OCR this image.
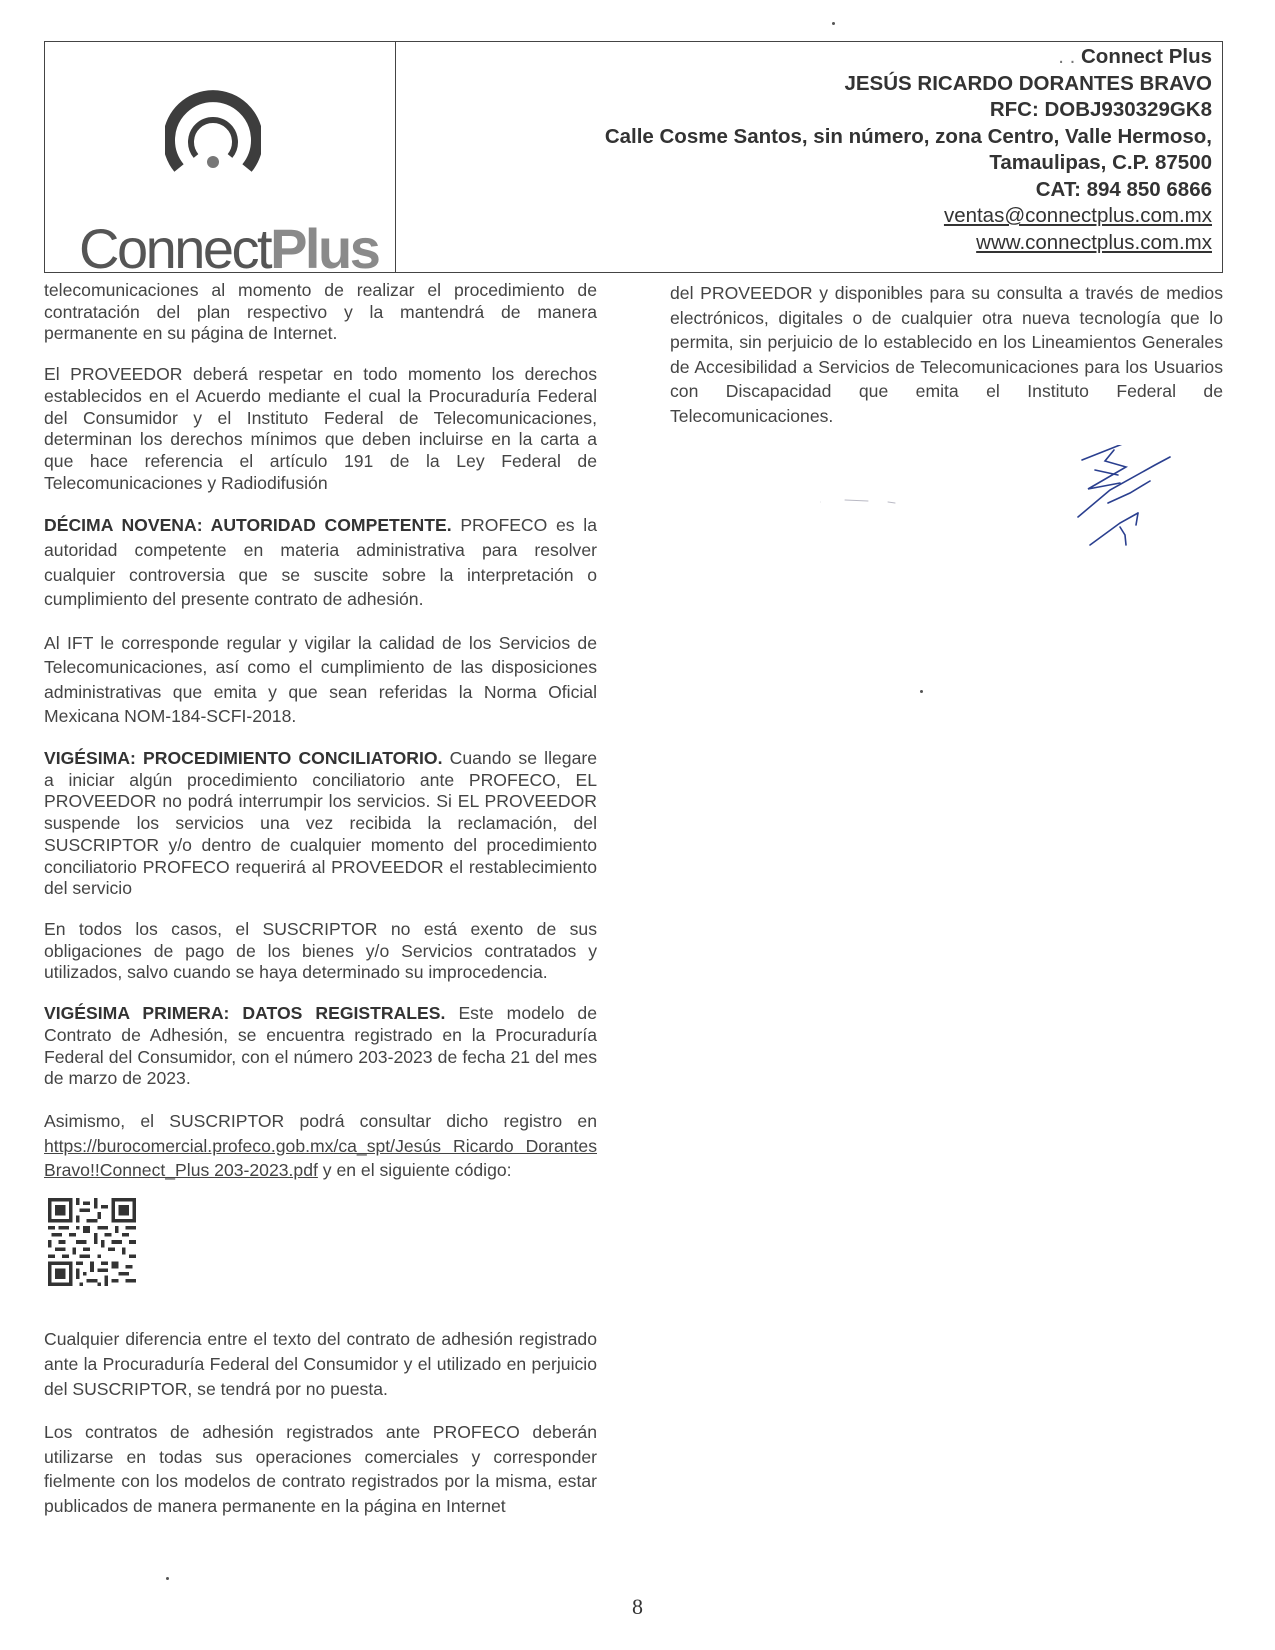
ConnectPlus
. . Connect Plus
JESÚS RICARDO DORANTES BRAVO
RFC: DOBJ930329GK8
Calle Cosme Santos, sin número, zona Centro, Valle Hermoso,
Tamaulipas, C.P. 87500
CAT: 894 850 6866
ventas@connectplus.com.mx
www.connectplus.com.mx

telecomunicaciones al momento de realizar el procedimiento de contratación del plan respectivo y la mantendrá de manera permanente en su página de Internet.

El PROVEEDOR deberá respetar en todo momento los derechos establecidos en el Acuerdo mediante el cual la Procuraduría Federal del Consumidor y el Instituto Federal de Telecomunicaciones, determinan los derechos mínimos que deben incluirse en la carta a que hace referencia el artículo 191 de la Ley Federal de Telecomunicaciones y Radiodifusión

DÉCIMA NOVENA: AUTORIDAD COMPETENTE. PROFECO es la autoridad competente en materia administrativa para resolver cualquier controversia que se suscite sobre la interpretación o cumplimiento del presente contrato de adhesión.

Al IFT le corresponde regular y vigilar la calidad de los Servicios de Telecomunicaciones, así como el cumplimiento de las disposiciones administrativas que emita y que sean referidas la Norma Oficial Mexicana NOM-184-SCFI-2018.

VIGÉSIMA: PROCEDIMIENTO CONCILIATORIO. Cuando se llegare a iniciar algún procedimiento conciliatorio ante PROFECO, EL PROVEEDOR no podrá interrumpir los servicios. Si EL PROVEEDOR suspende los servicios una vez recibida la reclamación, del SUSCRIPTOR y/o dentro de cualquier momento del procedimiento conciliatorio PROFECO requerirá al PROVEEDOR el restablecimiento del servicio

En todos los casos, el SUSCRIPTOR no está exento de sus obligaciones de pago de los bienes y/o Servicios contratados y utilizados, salvo cuando se haya determinado su improcedencia.

VIGÉSIMA PRIMERA: DATOS REGISTRALES. Este modelo de Contrato de Adhesión, se encuentra registrado en la Procuraduría Federal del Consumidor, con el número 203-2023 de fecha 21 del mes de marzo de 2023.

Asimismo, el SUSCRIPTOR podrá consultar dicho registro en https://burocomercial.profeco.gob.mx/ca_spt/Jesús Ricardo Dorantes Bravo!!Connect_Plus 203-2023.pdf y en el siguiente código:

Cualquier diferencia entre el texto del contrato de adhesión registrado ante la Procuraduría Federal del Consumidor y el utilizado en perjuicio del SUSCRIPTOR, se tendrá por no puesta.

Los contratos de adhesión registrados ante PROFECO deberán utilizarse en todas sus operaciones comerciales y corresponder fielmente con los modelos de contrato registrados por la misma, estar publicados de manera permanente en la página en Internet

del PROVEEDOR y disponibles para su consulta a través de medios electrónicos, digitales o de cualquier otra nueva tecnología que lo permita, sin perjuicio de lo establecido en los Lineamientos Generales de Accesibilidad a Servicios de Telecomunicaciones para los Usuarios con Discapacidad que emita el Instituto Federal de Telecomunicaciones.

8
